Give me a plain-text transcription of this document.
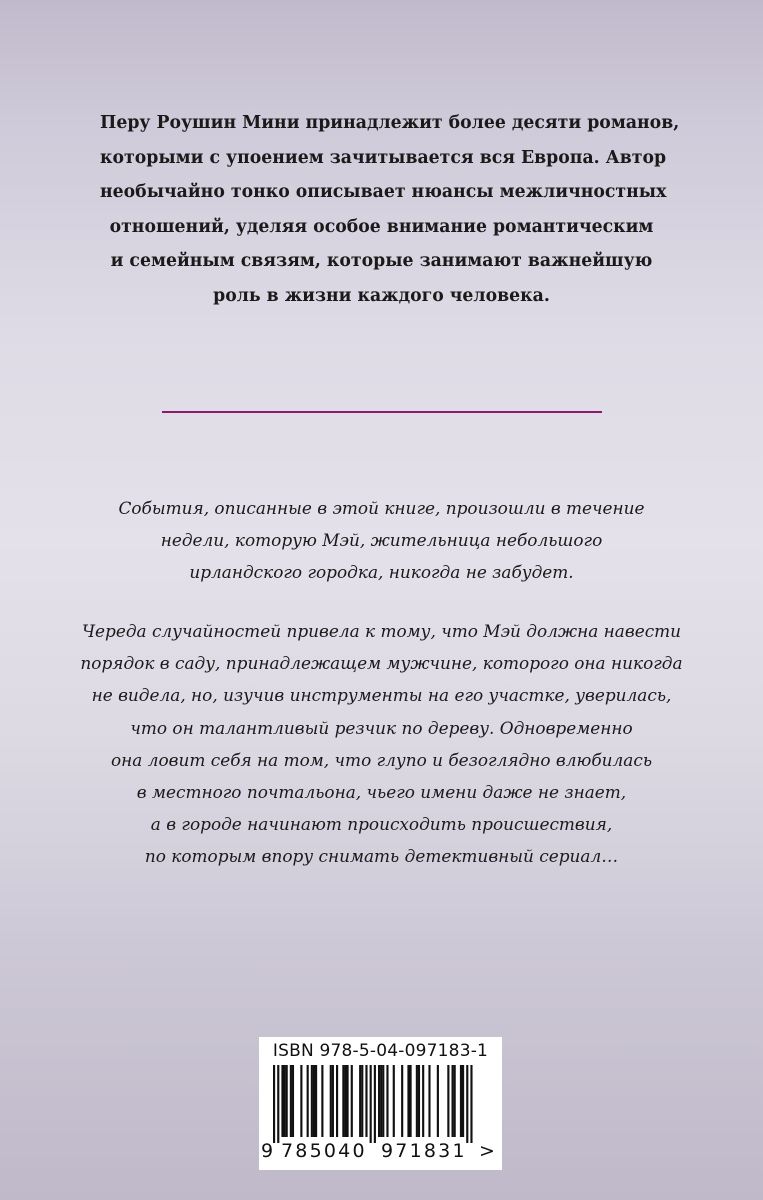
Перу Роушин Мини принадлежит более десяти романов,
которыми с упоением зачитывается вся Европа. Автор
необычайно тонко описывает нюансы межличностных
отношений, уделяя особое внимание романтическим
и семейным связям, которые занимают важнейшую
роль в жизни каждого человека.
События, описанные в этой книге, произошли в течение
недели, которую Мэй, жительница небольшого
ирландского городка, никогда не забудет.
Череда случайностей привела к тому, что Мэй должна навести
порядок в саду, принадлежащем мужчине, которого она никогда
не видела, но, изучив инструменты на его участке, уверилась,
что он талантливый резчик по дереву. Одновременно
она ловит себя на том, что глупо и безоглядно влюбилась
в местного почтальона, чьего имени даже не знает,
а в городе начинают происходить происшествия,
по которым впору снимать детективный сериал…
ISBN 978-5-04-097183-1
9 785040 971831 >
